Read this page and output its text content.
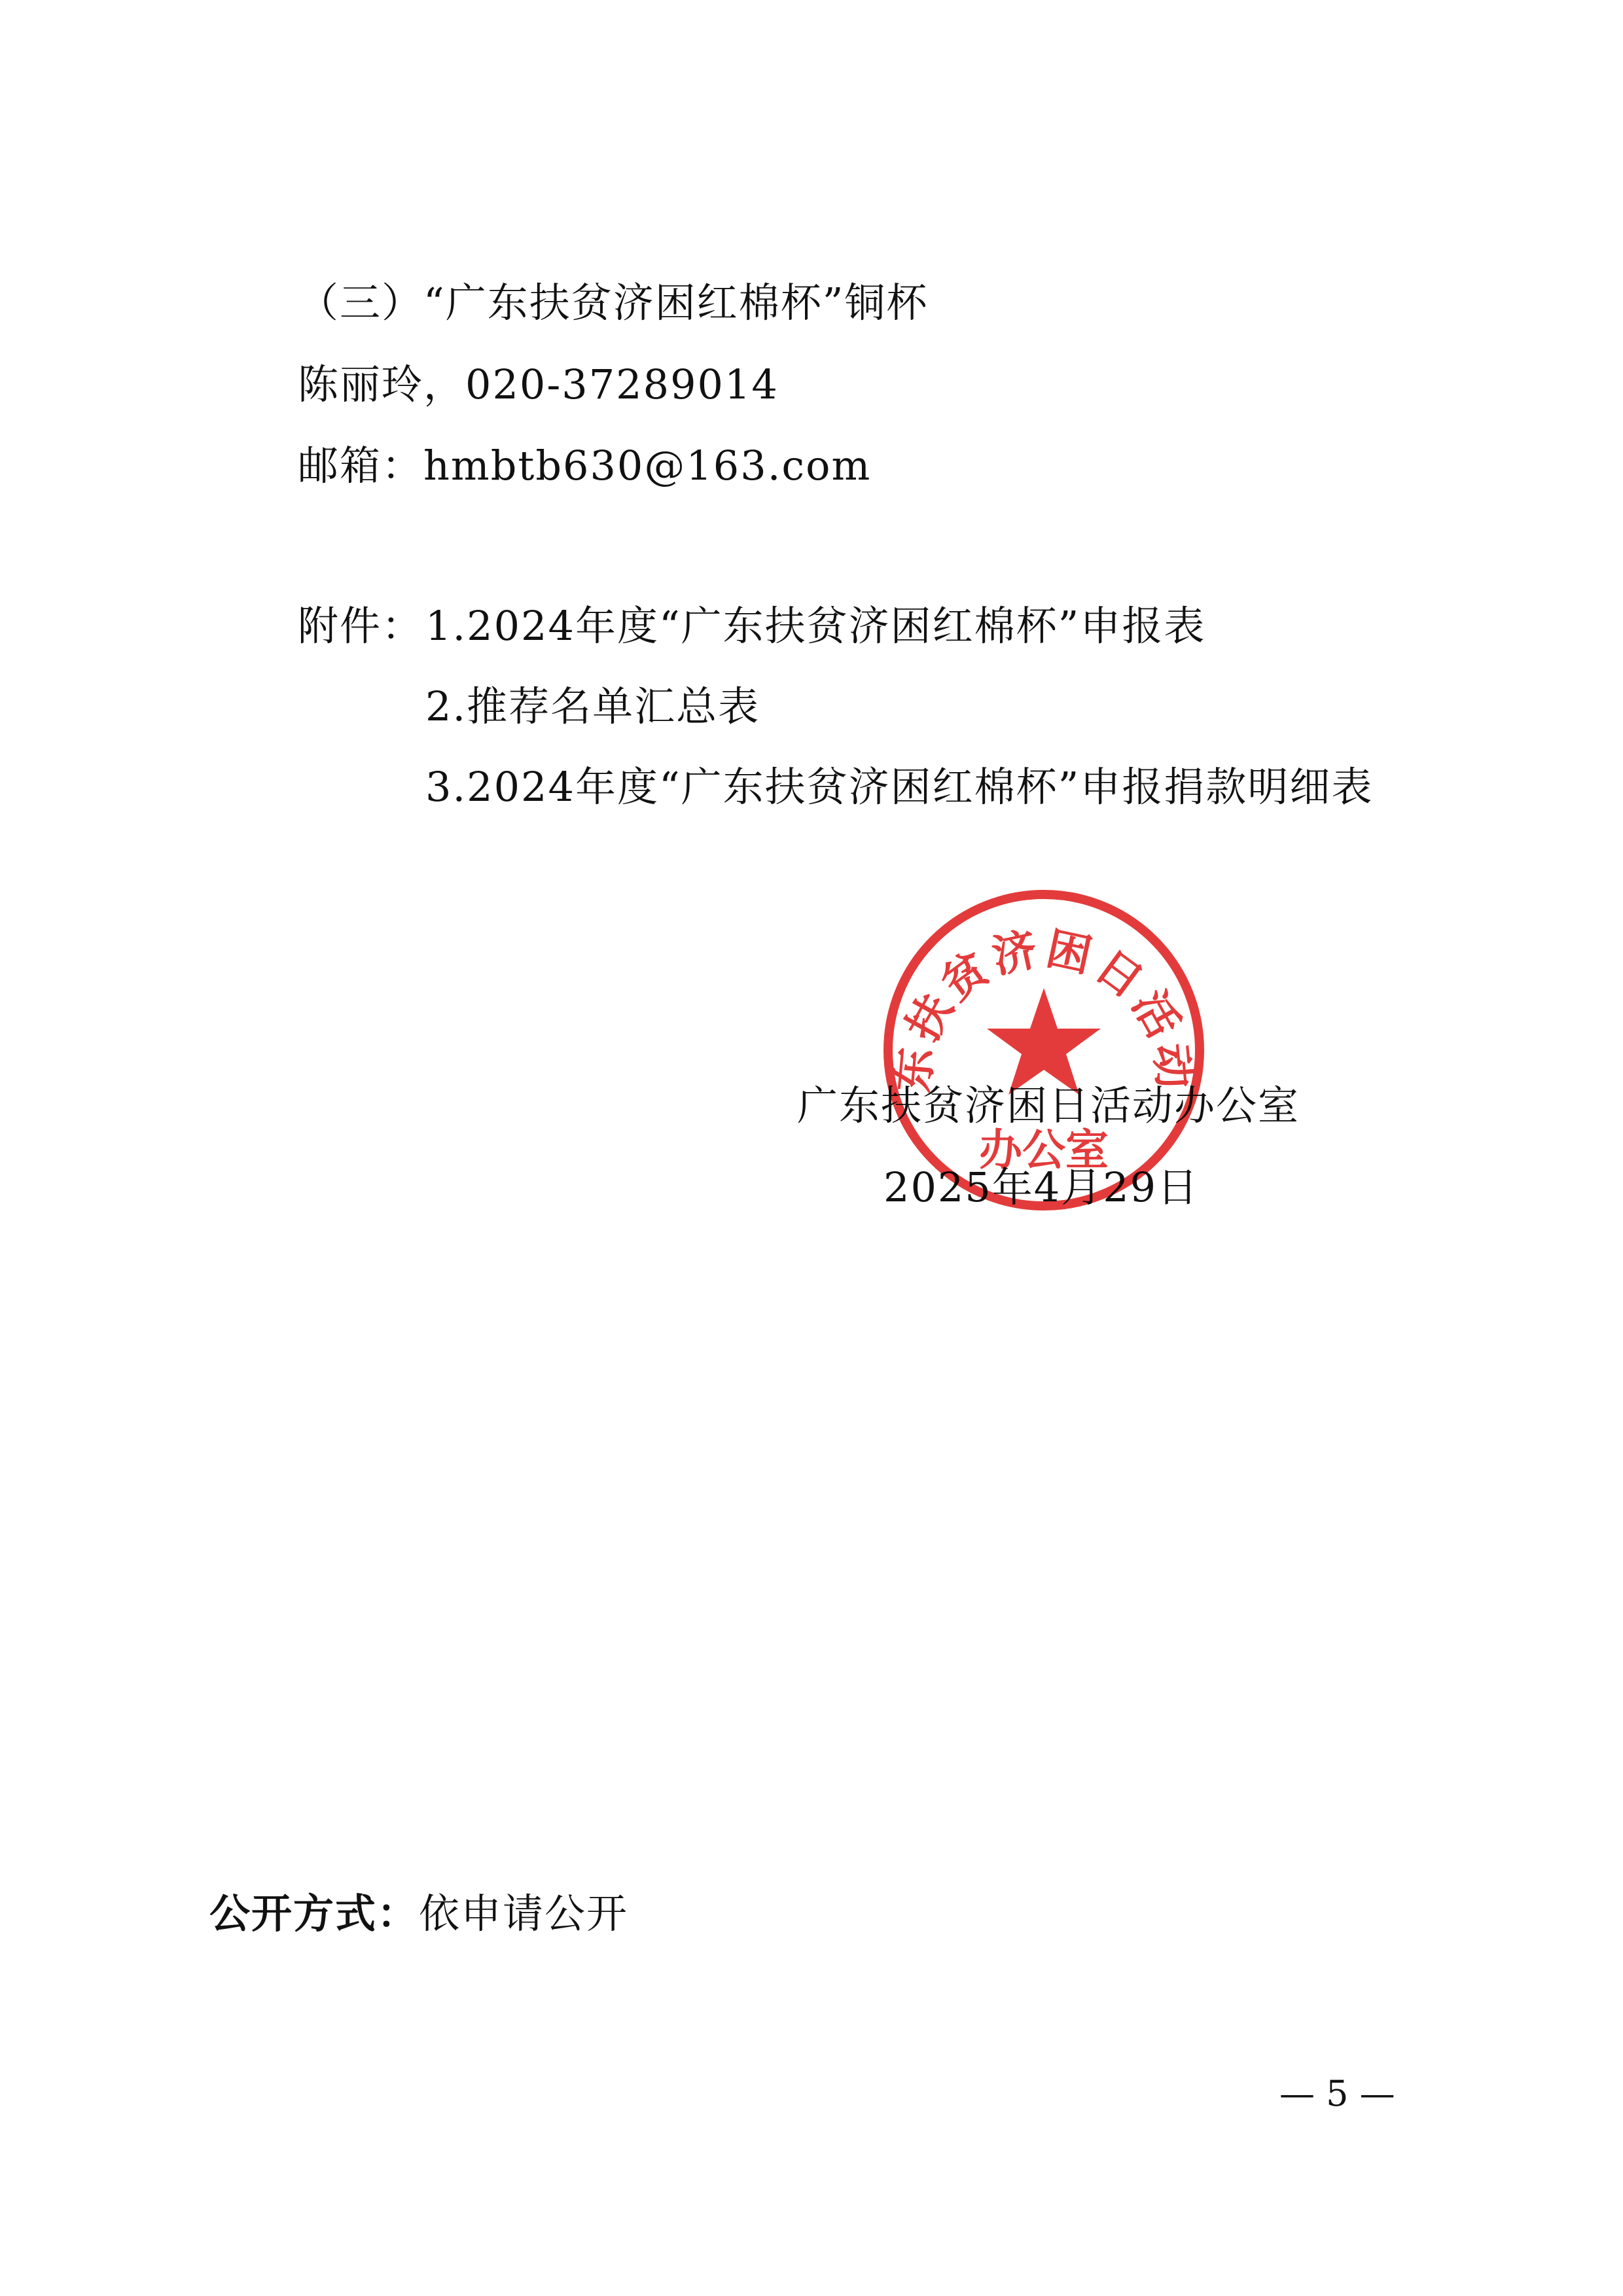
（三）“广东扶贫济困红棉杯”铜杯
陈丽玲，020-37289014
邮箱：hmbtb630@163.com
附件： 1.2024年度“广东扶贫济困红棉杯”申报表
2.推荐名单汇总表
3.2024年度“广东扶贫济困红棉杯”申报捐款明细表
广东扶贫济困日活动办公室
2025年4月29日
东扶贫济困日活动
办公室
公开方式：依申请公开
— 5 —
